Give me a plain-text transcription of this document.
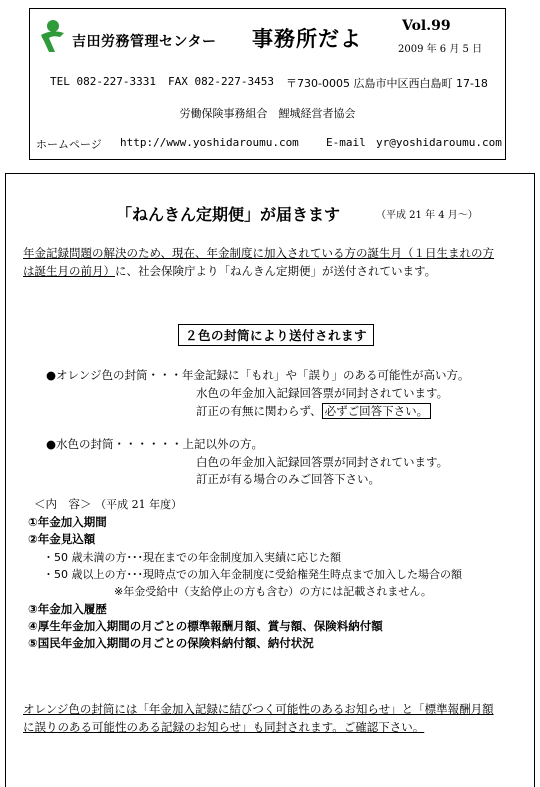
吉田労務管理センター 事務所だよ	Vol.99
2009 年 6 月 5 日
TEL 082-227-3331 FAX 082-227-3453 〒730-0005 広島市中区西白島町 17-18
労働保険事務組合　鯉城経営者協会
ホームページ http://www.yoshidaroumu.com E-mail yr@yoshidaroumu.com
「ねんきん定期便」が届きます	（平成 21 年 4 月～）
年金記録問題の解決のため、現在、年金制度に加入されている方の誕生月（１日生まれの方
は誕生月の前月）に、社会保険庁より「ねんきん定期便」が送付されています。
２色の封筒により送付されます
●オレンジ色の封筒・・・年金記録に「もれ」や「誤り」のある可能性が高い方。
水色の年金加入記録回答票が同封されています。
訂正の有無に関わらず、 必ずご回答下さい。
●水色の封筒・・・・・・上記以外の方。
白色の年金加入記録回答票が同封されています。
訂正が有る場合のみご回答下さい。
＜内　容＞ （平成 21 年度）
①年金加入期間
②年金見込額
・50 歳未満の方･･･現在までの年金制度加入実績に応じた額
・50 歳以上の方･･･現時点での加入年金制度に受給権発生時点まで加入した場合の額
※年金受給中（支給停止の方も含む）の方には記載されません。
③年金加入履歴
④厚生年金加入期間の月ごとの標準報酬月額、賞与額、保険料納付額
⑤国民年金加入期間の月ごとの保険料納付額、納付状況
オレンジ色の封筒には「年金加入記録に結びつく可能性のあるお知らせ」と「標準報酬月額
に誤りのある可能性のある記録のお知らせ」も同封されます。ご確認下さい。
